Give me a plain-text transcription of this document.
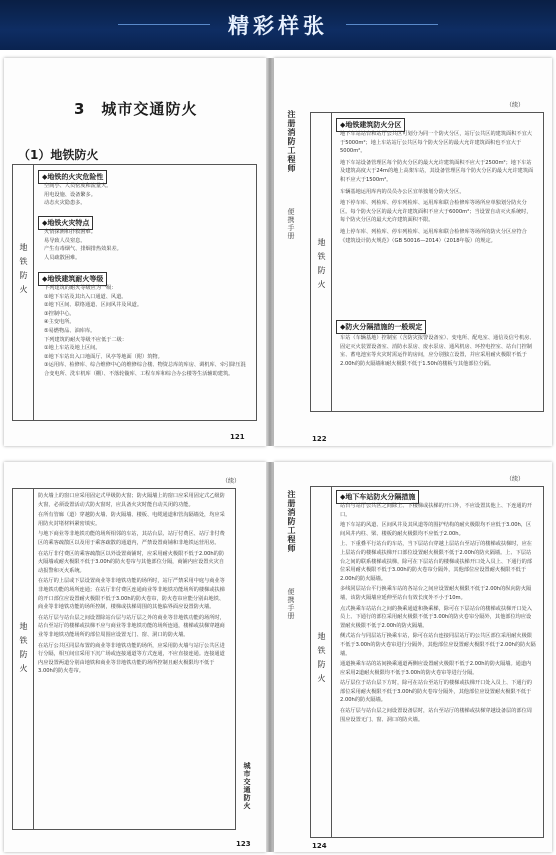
精彩样张
3　城市交通防火
（1）地铁防火
地铁防火
◆地铁的火灾危险性
空间小、人员密度和流量大。
用电设施、设备繁多。
动态火灾隐患多。
◆地铁火灾特点
火情探测和扑救困难。
易导致人员窒息。
产生有毒烟气、排烟排热效果差。
人员疏散困难。
◆地铁建筑耐火等级
下列建筑的耐火等级应为一级：
①地下车站及其出入口通道、风道。
②地下区间、联络通道、区间风井及风道。
③控制中心。
④主变电所。
⑤易燃物品、油库库。
下列建筑的耐火等级不应低于二级：
①地上车站及地上区间。
②地下车站出入口地面厅、风亭等地面（附）筑物。
③运用库、检修库、综合维修中心的维修综合楼、物资总库的库房、调机库、牵引降压混合变电所、洗车机库（棚）、不落轮镟库、工程车库和综合办公楼等生活辅助建筑。
121
（续）
注册消防工程师
便携手册
地铁防火
◆地铁建筑防火分区
地下车站站台和站厅公共区可划分为同一个防火分区，站厅公共区的建筑面积不宜大于5000m²；地上车站站厅公共区每个防火分区的最大允许建筑面积也不宜大于5000m²。
地下车站设备管理区每个防火分区的最大允许建筑面积不应大于2500m²；地下车站及建筑高度大于24m的地上高架车站，其设备管理区每个防火分区的最大允许建筑面积不应大于1500m²。
车辆基地运用库内的员员办公区宜单独划分防火分区。
地下停车库、列检库、停车列检库、运用库和联合检修库等场所应单独划分防火分区。每个防火分区的最大允许建筑面积不应大于6000m²；当设置自动灭火系统时，每个防火分区的最大允许建筑面积不限。
地上停车库、列检库、停车列检库、运用库和联合检修库等场所的防火分区应符合《建筑设计防火规范》（GB 50016—2014）（2018年版）的规定。
◆防火分隔措施的一般规定
车站（车辆基地）控制室（含防灾报警设备室）、变电所、配电室、通信及信号机房、固定灭火装置设备室、消防水泵房、废水泵房、通风机房、环控电控室、站台门控制室、蓄电池室等火灾时需运作的房间，应分别独立设置，并应采用耐火极限不低于2.00h的防火隔墙和耐火极限不低于1.50h的楼板与其他部位分隔。
122
（续）
地铁防火
防火墙上的窗口应采用固定式甲级防火窗；防火隔墙上的窗口应采用固定式乙级防火窗，必须设置活动式防火窗时，应具备火灾时能自动关闭的功能。
在所有管廊（道）穿越防火墙、防火隔墙、楼板、电缆通道和管沟隔墙处，均应采用防火封堵材料紧密填实。
与地下商业等非地铁功能的场所相邻的车站，其站台层、站厅付费区、站厅非付费区的乘客疏散区以及用于乘客疏散的通道内，严禁设置商铺和非地铁运营用房。
在站厅非付费区的乘客疏散区以外设置商铺时，应采用耐火极限不低于2.00h的防火隔墙或耐火极限不低于3.00h的防火卷帘与其他部位分隔，商铺内应设置火灾自动报警和灭火系统。
在站厅的上层或下层设置商业等非地铁功能的场所时，站厅严禁采用中庭与商业等非地铁功能的场所连通；在站厅非付费区连通商业等非地铁功能场所的楼梯或扶梯的开口部位应设置耐火极限不低于3.00h的防火卷帘，防火卷帘应能分别由地铁、商业等非地铁功能的场所控制，楼梯或扶梯周围的其他临界面应设置防火墙。
在站厅层与站台层之间设置除站台层与站厅层之外的商业等非地铁功能的场所时，站台至站厅的楼梯或扶梯不应与商业等非地铁功能的场所连通，楼梯或扶梯穿越商业等非地铁功能场所的部位周围应设置无门、窗、洞口的防火墙。
在站厅公共区同层布置的商业等非地铁功能的场所，应采用防火墙与站厅公共区进行分隔，相互间宜采用下沉广场或连接通道等方式连通，不应直接连通。连接通道内应设置两道分别由地铁和商业等非地铁功能的场所控制且耐火极限均不低于3.00h的防火卷帘。
城市交通防火
123
（续）
注册消防工程师
便携手册
地铁防火
◆地下车站防火分隔措施
站台与站厅公共区之间除上、下楼梯或扶梯的开口外，不应设置其他上、下连通的开口。
地下车站的风道、区间风井及其风道等的围护结构的耐火极限均不应低于3.00h，区间风井内柱、梁、楼板的耐火极限均不应低于2.00h。
上、下重叠平行站台的车站，当下层站台穿越上层站台至站厅的楼梯或扶梯时，应在上层站台的楼梯或扶梯开口部位设置耐火极限不低于2.00h的防火隔墙。上、下层站台之间的联系楼梯或扶梯，除可在下层站台的楼梯或扶梯开口处入员上、下通行的部位采用耐火极限不低于3.00h的防火卷帘分隔外，其他部位应设置耐火极限不低于2.00h的防火隔墙。
多线同层站台平行换乘车站的各站台之间应设置耐火极限不低于2.00h的纵向防火隔墙，该防火隔墙应延伸至站台有效长度外不小于10m。
点式换乘车站站台之间的换乘通道和换乘梯，除可在下层站台的楼梯或扶梯开口处入员上、下通行的部位采用耐火极限不低于3.00h的防火卷帘分隔外，其他部位均应设置耐火极限不低于2.00h的防火隔墙。
侧式站台与同层站厅换乘车站，除可在站台连接同层站厅的公共区部位采用耐火极限不低于3.00h的防火卷帘进行分隔外，其他部位应设置耐火极限不低于2.00h的防火隔墙。
通道换乘车站的站间换乘通道两侧应设置耐火极限不低于2.00h的防火隔墙。通道内应采用2道耐火极限均不低于3.00h的防火卷帘等进行分隔。
站厅层位于站台层下方时，除可在站台至站厅的楼梯或扶梯开口处入员上、下通行的部位采用耐火极限不低于3.00h的防火卷帘分隔外，其他部位应设置耐火极限不低于2.00h的防火隔墙。
在站厅层与站台层之间设置设备层时，站台至站厅的楼梯或扶梯穿越设备层的部位周围应设置无门、窗、洞口的防火墙。
124
